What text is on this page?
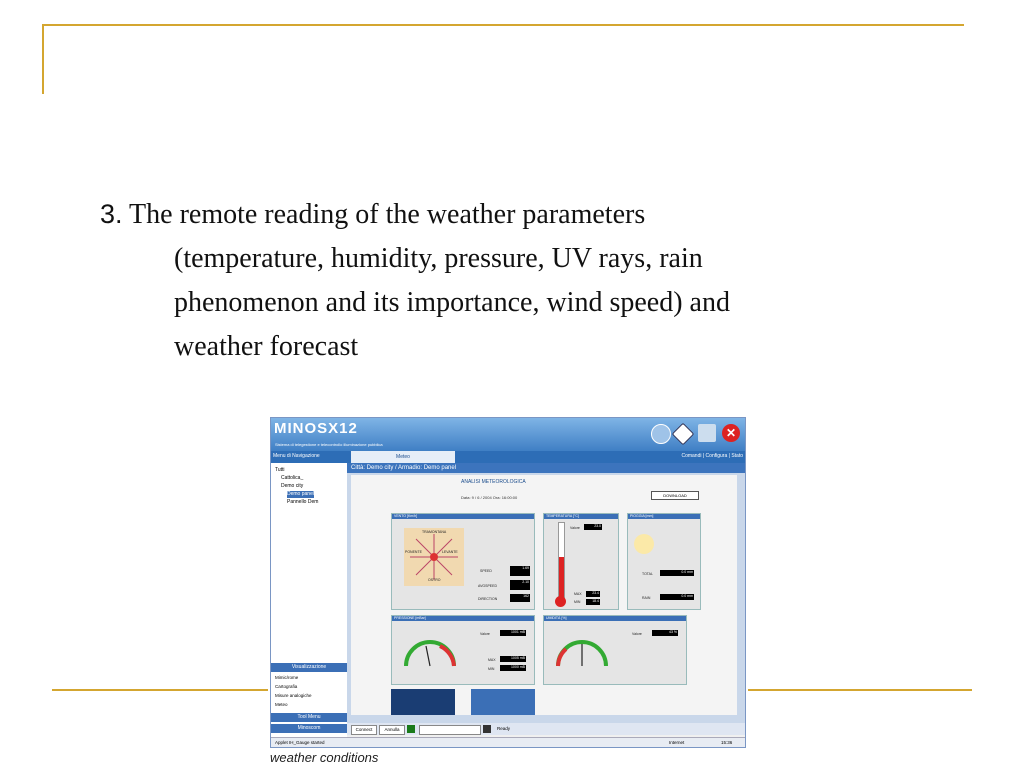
3. The remote reading of the weather parameters
(temperature, humidity, pressure, UV rays, rain
phenomenon and its importance, wind speed) and
weather forecast
MINOSX12
Sistema di telegestione e telecontrollo illuminazione pubblica
✕
Menu di Navigazione	Meteo	Comandi | Configura | Stato
Tutti
Cattolica_
Demo city
Demo panel
Pannello Dem
Visualizzazione
Mimic/rome
Cartografia
Misure analogiche
Meteo
Tool Menu
Minoscom
Città: Demo city / Armadio: Demo panel
ANALISI METEOROLOGICA
Data: 9 / 6 / 2004 Ora: 16:00:00	DOWNLOAD
VENTO [Km/h]
TRAMONTANA
PONENTE	LEVANTE
OSTRO
SPEED
1.69
AVGSPEED
2.10
DIRECTION
162
TEMPERATURA [°C]
Valore	23.0
MAX	23.4
MIN	18.4
PIOGGIA [mm]
TOTAL	0.0 mm
RAIN	0.0 mm
PRESSIONE [mBar]
Valore	1001 mB
MAX	1005 mB
MIN	1000 mB
UMIDITÀ [%]
Valore	43 %
Connect	Annulla	Ready
Applet IH_Gauge started	Internet	15:36
weather conditions
